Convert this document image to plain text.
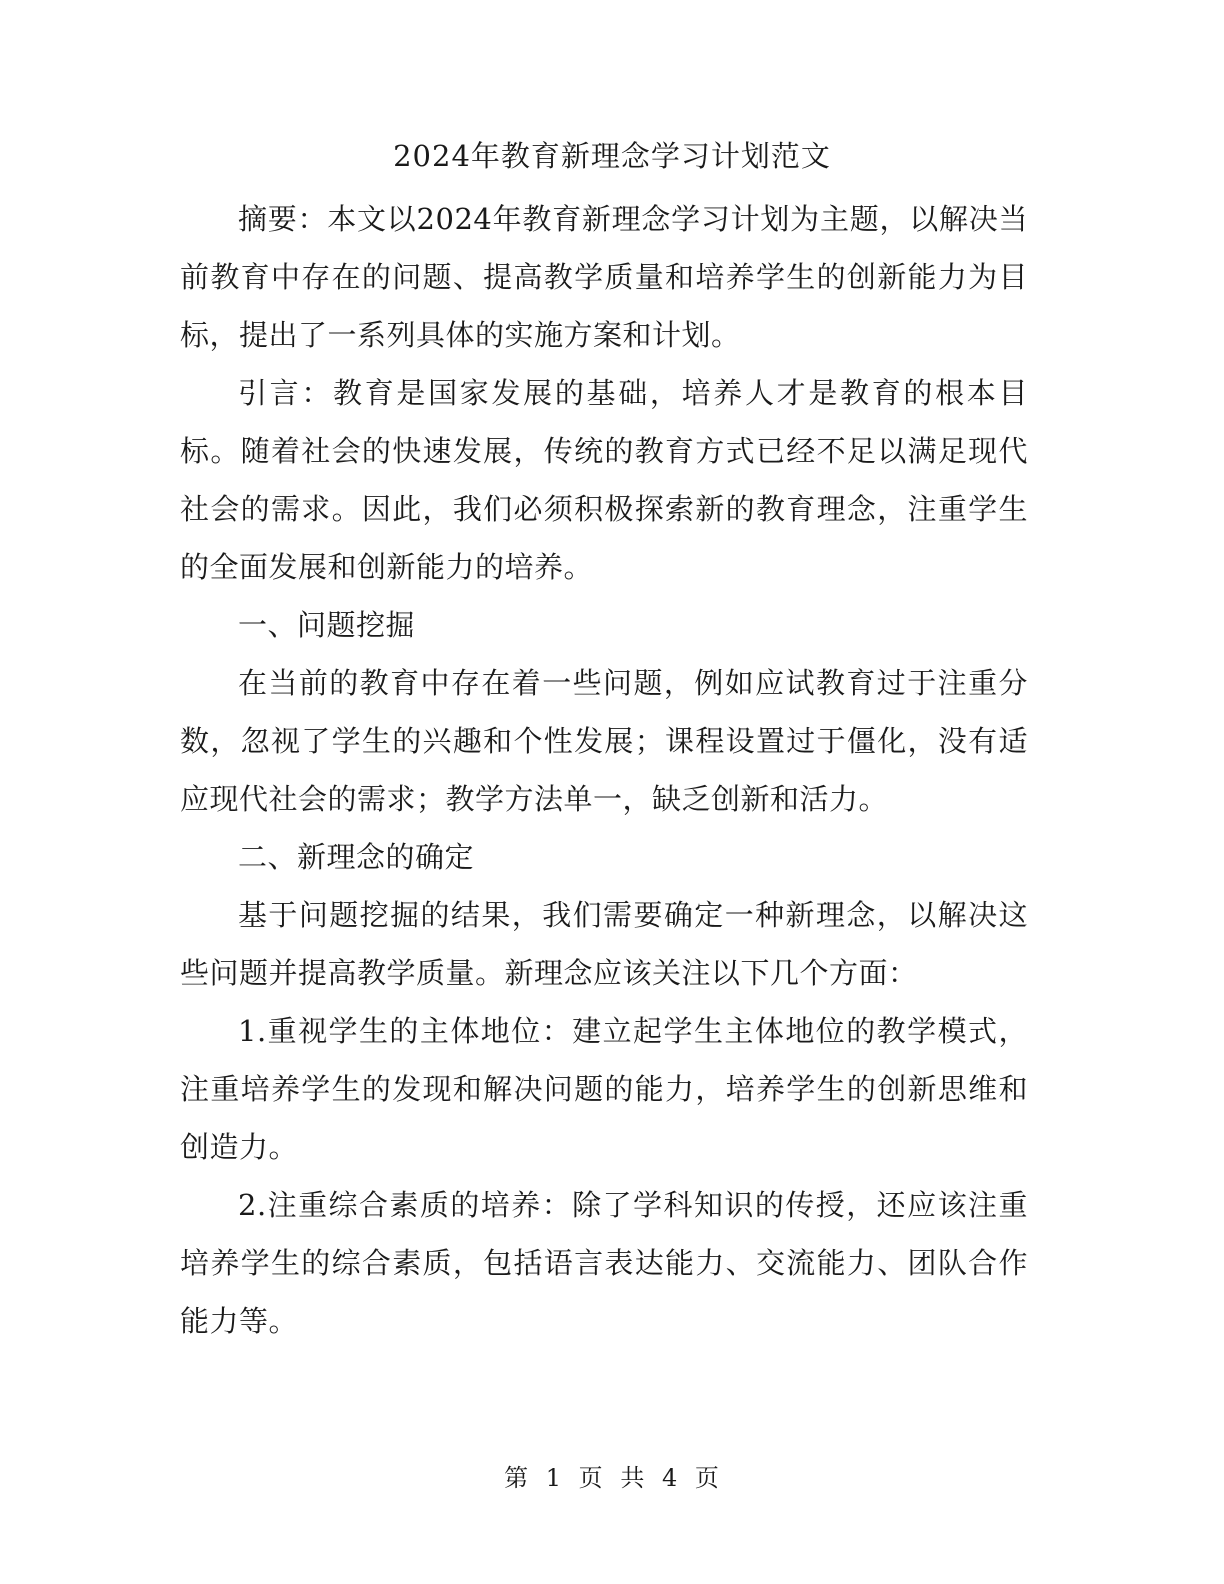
2024年教育新理念学习计划范文

摘要：本文以2024年教育新理念学习计划为主题，以解决当前教育中存在的问题、提高教学质量和培养学生的创新能力为目标，提出了一系列具体的实施方案和计划。

引言：教育是国家发展的基础，培养人才是教育的根本目标。随着社会的快速发展，传统的教育方式已经不足以满足现代社会的需求。因此，我们必须积极探索新的教育理念，注重学生的全面发展和创新能力的培养。

一、问题挖掘

在当前的教育中存在着一些问题，例如应试教育过于注重分数，忽视了学生的兴趣和个性发展；课程设置过于僵化，没有适应现代社会的需求；教学方法单一，缺乏创新和活力。

二、新理念的确定

基于问题挖掘的结果，我们需要确定一种新理念，以解决这些问题并提高教学质量。新理念应该关注以下几个方面：

1.重视学生的主体地位：建立起学生主体地位的教学模式，注重培养学生的发现和解决问题的能力，培养学生的创新思维和创造力。

2.注重综合素质的培养：除了学科知识的传授，还应该注重培养学生的综合素质，包括语言表达能力、交流能力、团队合作能力等。

第 1 页 共 4 页
